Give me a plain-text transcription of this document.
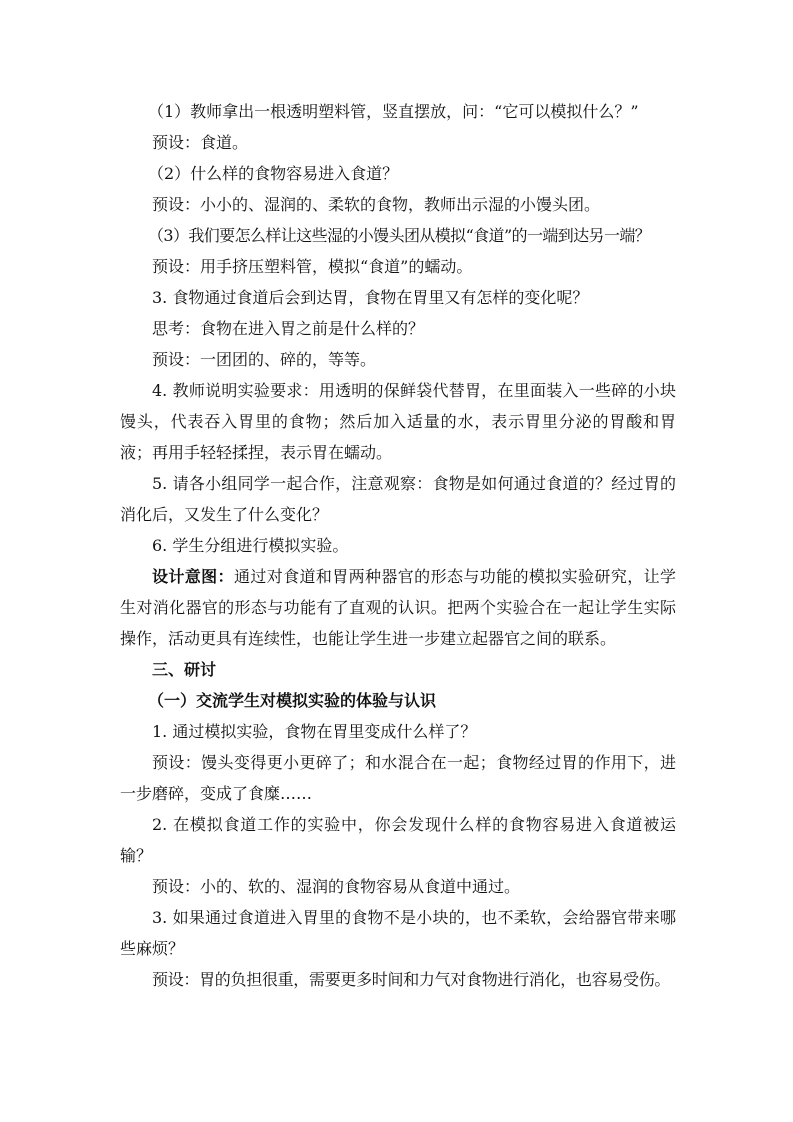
（1）教师拿出一根透明塑料管，竖直摆放，问：“它可以模拟什么？”

预设：食道。

（2）什么样的食物容易进入食道？

预设：小小的、湿润的、柔软的食物，教师出示湿的小馒头团。

（3）我们要怎么样让这些湿的小馒头团从模拟“食道”的一端到达另一端？

预设：用手挤压塑料管，模拟“食道”的蠕动。

3. 食物通过食道后会到达胃，食物在胃里又有怎样的变化呢？

思考：食物在进入胃之前是什么样的？

预设：一团团的、碎的，等等。

4. 教师说明实验要求：用透明的保鲜袋代替胃，在里面装入一些碎的小块馒头，代表吞入胃里的食物；然后加入适量的水，表示胃里分泌的胃酸和胃液；再用手轻轻揉捏，表示胃在蠕动。

5. 请各小组同学一起合作，注意观察：食物是如何通过食道的？经过胃的消化后，又发生了什么变化？

6. 学生分组进行模拟实验。

设计意图：通过对食道和胃两种器官的形态与功能的模拟实验研究，让学生对消化器官的形态与功能有了直观的认识。把两个实验合在一起让学生实际操作，活动更具有连续性，也能让学生进一步建立起器官之间的联系。

三、研讨

（一）交流学生对模拟实验的体验与认识

1. 通过模拟实验，食物在胃里变成什么样了？

预设：馒头变得更小更碎了；和水混合在一起；食物经过胃的作用下，进一步磨碎，变成了食糜……

2. 在模拟食道工作的实验中，你会发现什么样的食物容易进入食道被运输？

预设：小的、软的、湿润的食物容易从食道中通过。

3. 如果通过食道进入胃里的食物不是小块的，也不柔软，会给器官带来哪些麻烦？

预设：胃的负担很重，需要更多时间和力气对食物进行消化，也容易受伤。
